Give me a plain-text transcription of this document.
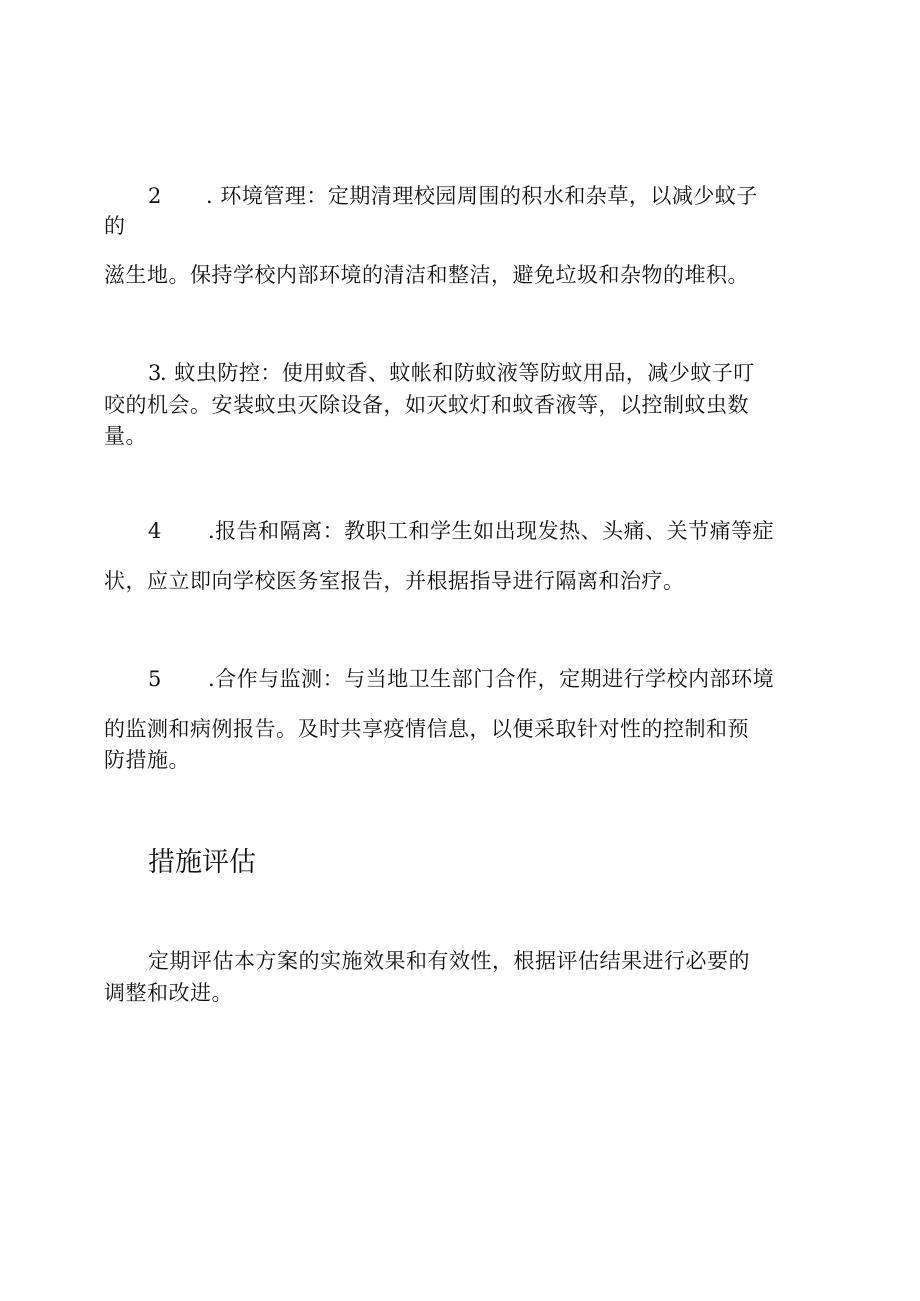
2 . 环境管理：定期清理校园周围的积水和杂草，以减少蚊子
的
滋生地。保持学校内部环境的清洁和整洁，避免垃圾和杂物的堆积。
3
. 蚊虫防控：使用蚊香、蚊帐和防蚊液等防蚊用品，减少蚊子叮
咬的机会。安装蚊虫灭除设备，如灭蚊灯和蚊香液等，以控制蚊虫数
量。
4 .报告和隔离：教职工和学生如出现发热、头痛、关节痛等症
状，应立即向学校医务室报告，并根据指导进行隔离和治疗。
5 .合作与监测：与当地卫生部门合作，定期进行学校内部环境
的监测和病例报告。及时共享疫情信息，以便采取针对性的控制和预
防措施。
措施评估
定期评估本方案的实施效果和有效性，根据评估结果进行必要的
调整和改进。
